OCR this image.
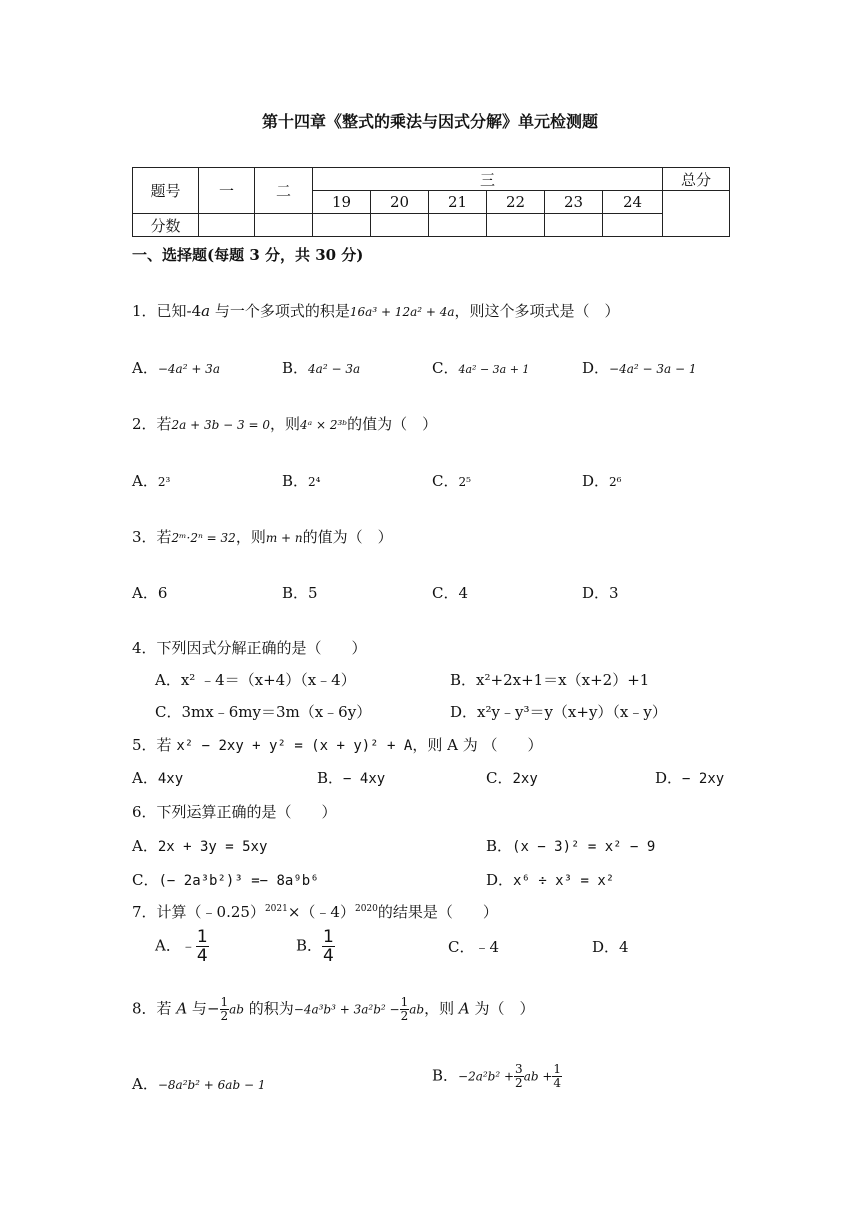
第十四章《整式的乘法与因式分解》单元检测题
题号	一	二	三						总分
			19	20	21	22	23	24	
分数									
一、选择题(每题 3 分，共 30 分)
1．已知-4a 与一个多项式的积是16a³ + 12a² + 4a，则这个多项式是（　）
A．−4a² + 3a	B．4a² − 3a	C．4a² − 3a + 1	D．−4a² − 3a − 1
2．若2a + 3b − 3 = 0，则4ᵃ × 2³ᵇ的值为（　）
A．2³	B．2⁴	C．2⁵	D．2⁶
3．若2ᵐ·2ⁿ = 32，则m + n的值为（　）
A．6	B．5	C．4	D．3
4．下列因式分解正确的是（　　）
A．x² ﹣4＝（x+4）（x﹣4）	B．x²+2x+1＝x（x+2）+1
C．3mx﹣6my＝3m（x﹣6y）	D．x²y﹣y³＝y（x+y）（x﹣y）
5．若 x² − 2xy + y² = (x + y)² + A，则 A 为 （　　）
A．4xy	B．− 4xy	C．2xy	D．− 2xy
6．下列运算正确的是（　　）
A．2x + 3y = 5xy	B．(x − 3)² = x² − 9
C．(− 2a³b²)³ =− 8a⁹b⁶	D．x⁶ ÷ x³ = x²
7．计算（﹣0.25）$^{2021}$×（﹣4）$^{2020}$的结果是（　　）
A．﹣ $\frac{1}{4}$	B． $\frac{1}{4}$	C．﹣4	D．4
8．若 A 与− $\frac{1}{2}$ ab 的积为$-4a^3b^3 + 3a^2b^2 - \frac{1}{2}$ ab，则 A 为（　）
A．−8a²b² + 6ab − 1
B．$-2a^2b^2 + \frac{3}{2}$ ab + $\frac{1}{4}$
